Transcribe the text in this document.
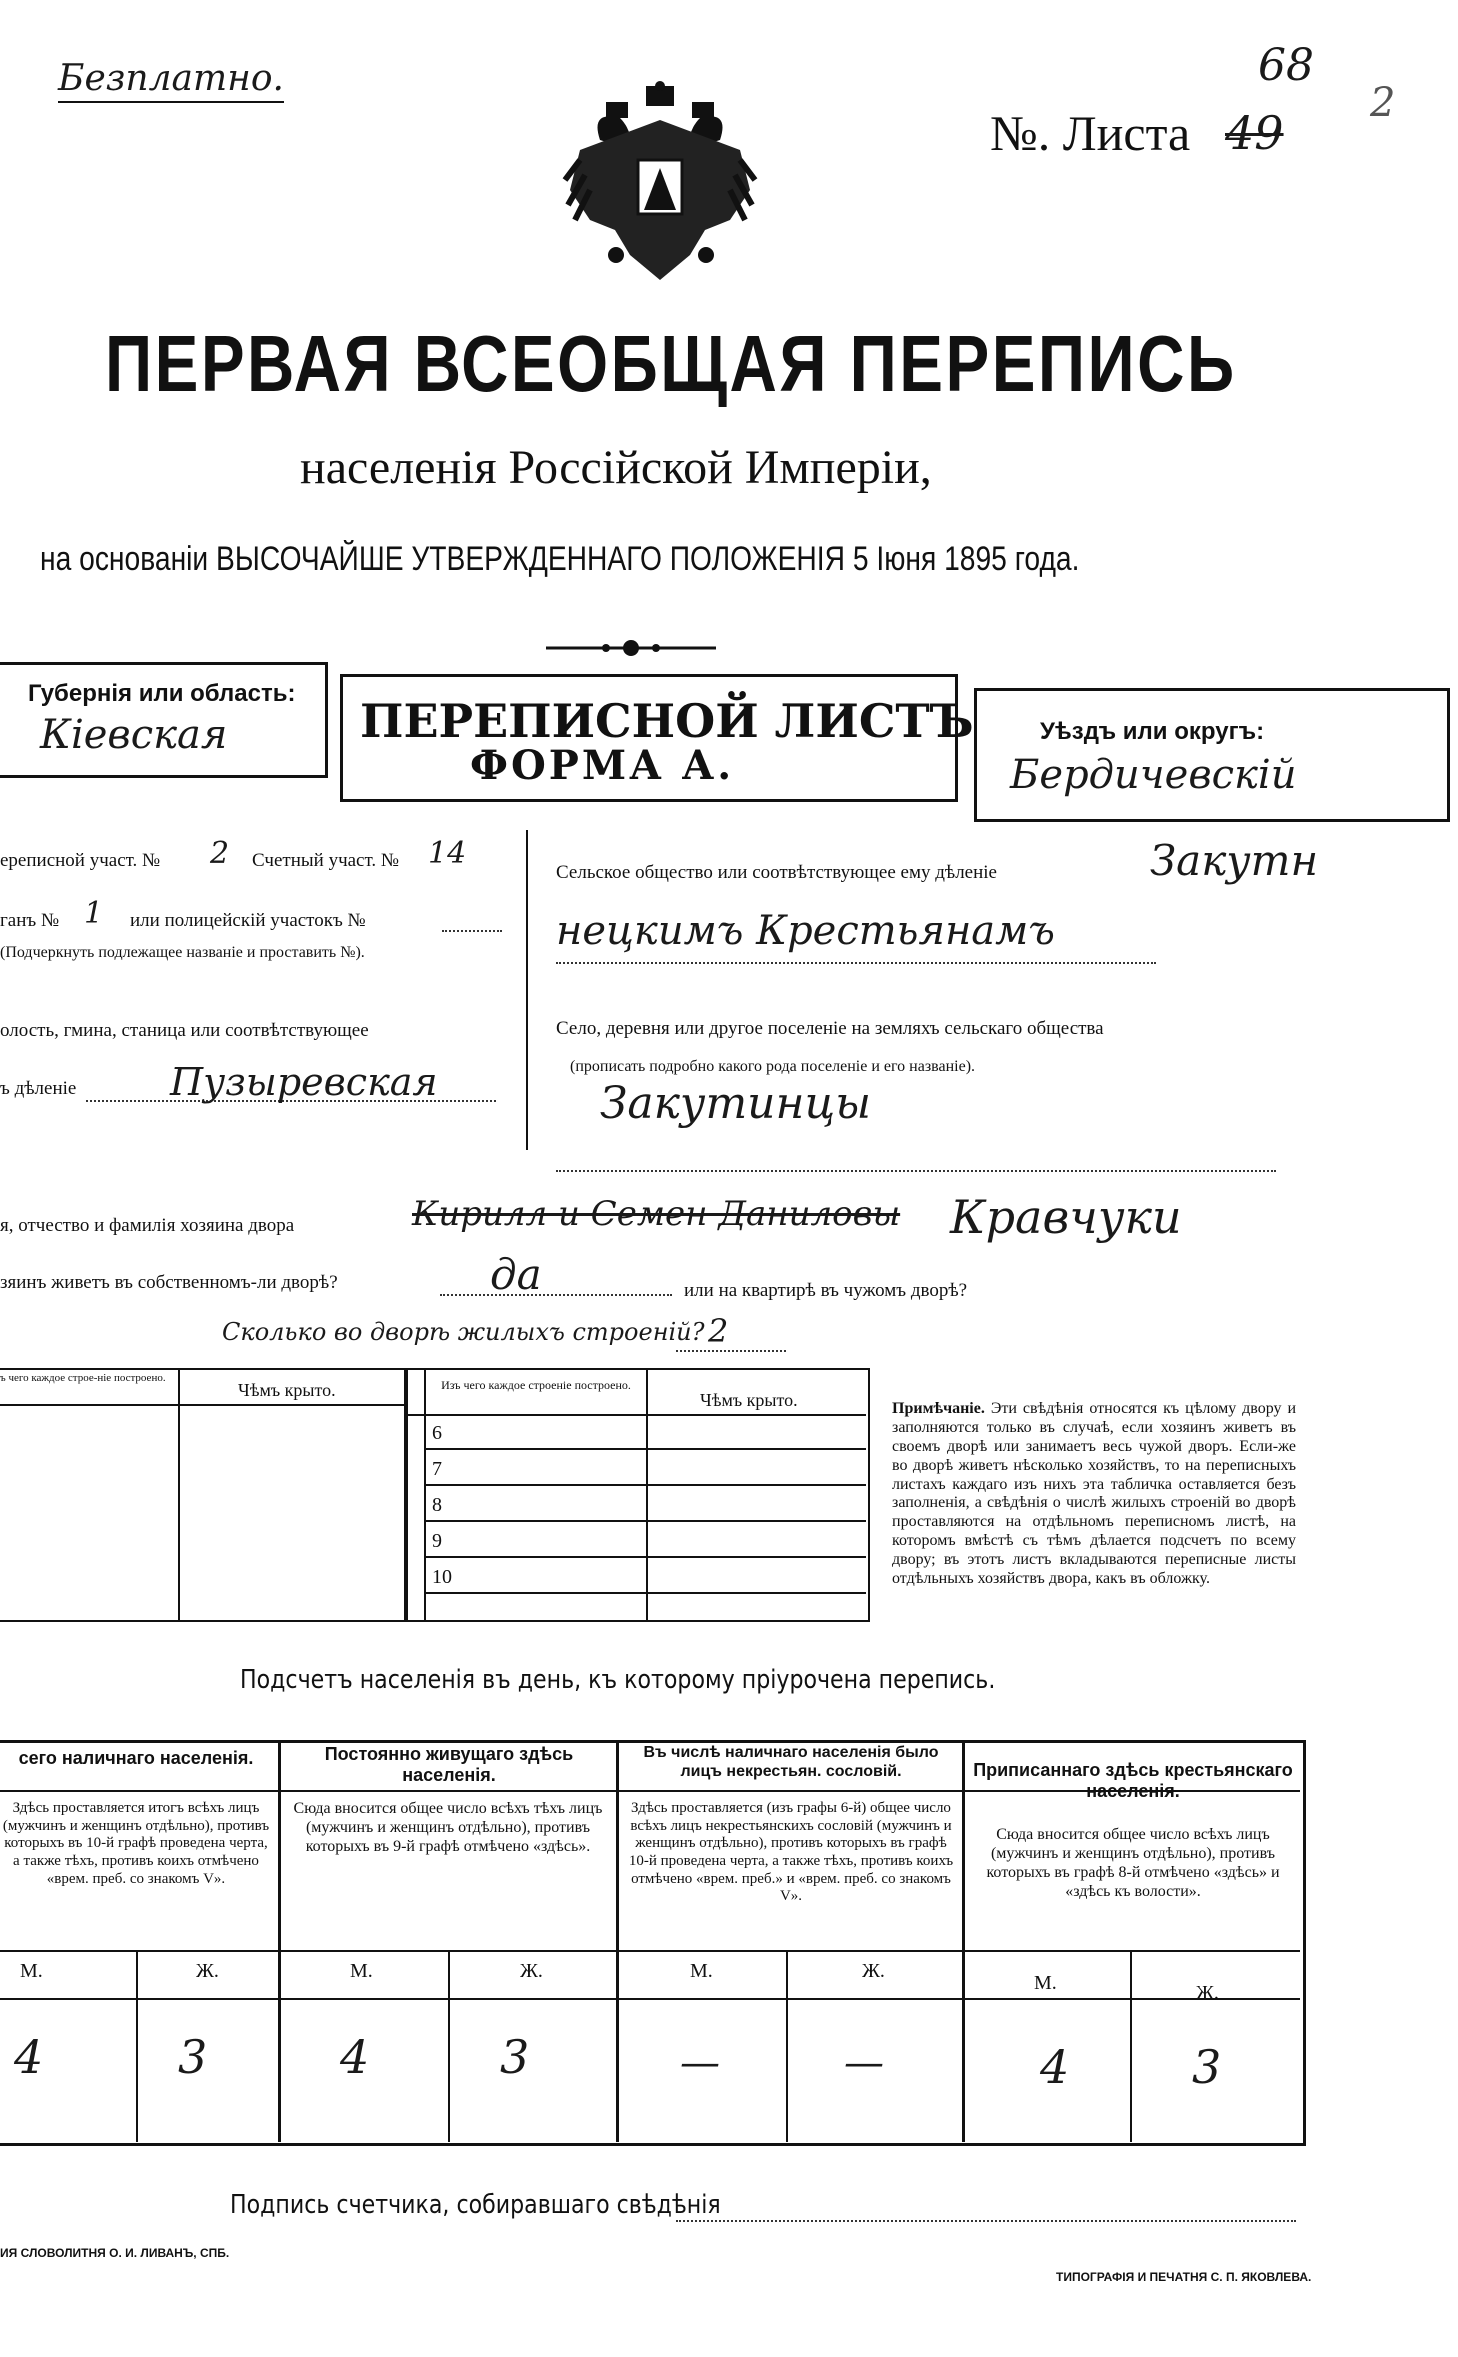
Безплатно.
№. Листа 49
68
2
ПЕРВАЯ ВСЕОБЩАЯ ПЕРЕПИСЬ
населенія Россійской Имперіи,
на основаніи ВЫСОЧАЙШЕ УТВЕРЖДЕННАГО ПОЛОЖЕНІЯ 5 Іюня 1895 года.
Губернія или область:
Кіевская	ПЕРЕПИСНОЙ ЛИСТЪ
ФОРМА А.
Уѣздъ или округъ:
Бердичевскій
ереписной участ. № 2 Счетный участ. № 14
ганъ № 1 или полицейскій участокъ №
(Подчеркнуть подлежащее названіе и проставить №).
олость, гмина, станица или соотвѣтствующее
ъ дѣленіе Пузыревская
Сельское общество или соотвѣтствующее ему дѣленіе	Закутн
нецкимъ Крестьянамъ
Село, деревня или другое поселеніе на земляхъ сельскаго общества
(прописать подробно какого рода поселеніе и его названіе).
Закутинцы
я, отчество и фамилія хозяина двора	Кирилл и Семен Даниловы Кравчуки
зяинъ живетъ въ собственномъ-ли дворѣ?	да	или на квартирѣ въ чужомъ дворѣ?
Сколько во дворѣ жилыхъ строеній? 2
ъ чего каждое строе-ніе построено.
Чѣмъ крыто.	Изъ чего каждое строеніе построено.
Чѣмъ крыто.
6
7
8
9
10
Примѣчаніе. Эти свѣдѣнія относятся къ цѣлому двору и заполняются только въ случаѣ, если хозяинъ живетъ въ своемъ дворѣ или занимаетъ весь чужой дворъ. Если-же во дворѣ живетъ нѣсколько хозяйствъ, то на переписныхъ листахъ каждаго изъ нихъ эта табличка оставляется безъ заполненія, а свѣдѣнія о числѣ жилыхъ строеній во дворѣ проставляются на отдѣльномъ переписномъ листѣ, на которомъ вмѣстѣ съ тѣмъ дѣлается подсчетъ по всему двору; въ этотъ листъ вкладываются переписные листы отдѣльныхъ хозяйствъ двора, какъ въ обложку.
Подсчетъ населенія въ день, къ которому пріурочена перепись.
сего наличнаго населенія.
Здѣсь проставляется итогъ всѣхъ лицъ (мужчинъ и женщинъ отдѣльно), противъ которыхъ въ 10-й графѣ проведена черта, а также тѣхъ, противъ коихъ отмѣчено «врем. преб. со знакомъ V».
М.	Ж.
4	3
Постоянно живущаго здѣсь населенія.
Сюда вносится общее число всѣхъ тѣхъ лицъ (мужчинъ и женщинъ отдѣльно), противъ которыхъ въ 9-й графѣ отмѣчено «здѣсь».
М.	Ж.
4	3
Въ числѣ наличнаго населенія было лицъ некрестьян. сословій.
Здѣсь проставляется (изъ графы 6-й) общее число всѣхъ лицъ некрестьянскихъ сословій (мужчинъ и женщинъ отдѣльно), противъ которыхъ въ графѣ 10-й проведена черта, а также тѣхъ, противъ коихъ отмѣчено «врем. преб.» и «врем. преб. со знакомъ V».
М.	Ж.
—	—
Приписаннаго здѣсь крестьянскаго населенія.
Сюда вносится общее число всѣхъ лицъ (мужчинъ и женщинъ отдѣльно), противъ которыхъ въ графѣ 8-й отмѣчено «здѣсь» и «здѣсь къ волости».
М.	Ж.
4	3
Подпись счетчика, собиравшаго свѣдѣнія
ИЯ СЛОВОЛИТНЯ О. И. ЛИВАНЪ, СПБ.
ТИПОГРАФІЯ И ПЕЧАТНЯ С. П. ЯКОВЛЕВА.
